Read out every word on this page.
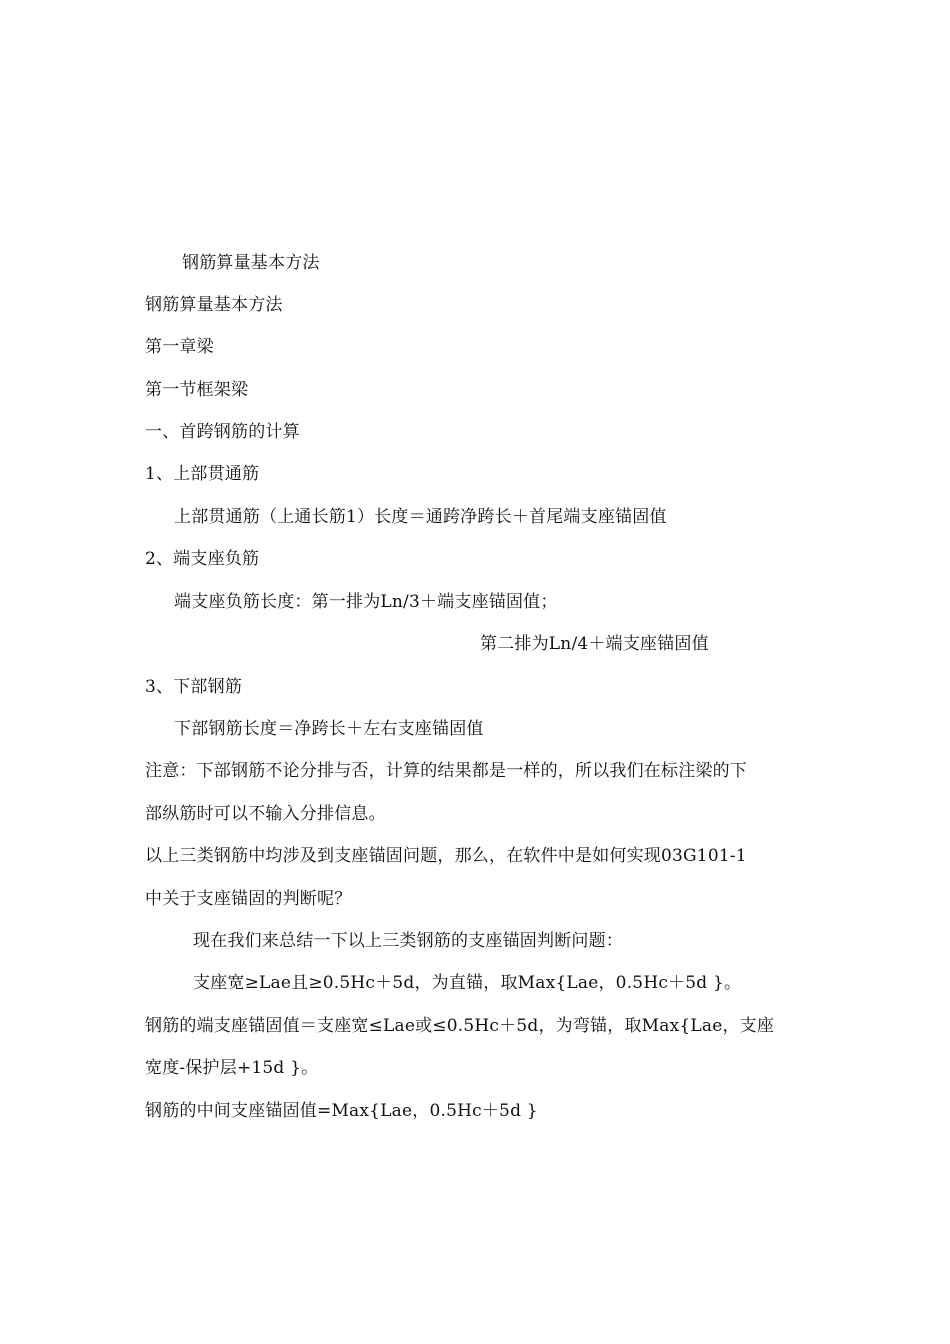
钢筋算量基本方法
钢筋算量基本方法
第一章梁
第一节框架梁
一、首跨钢筋的计算
1、上部贯通筋
上部贯通筋（上通长筋1）长度＝通跨净跨长＋首尾端支座锚固值
2、端支座负筋
端支座负筋长度：第一排为Ln/3＋端支座锚固值；
第二排为Ln/4＋端支座锚固值
3、下部钢筋
下部钢筋长度＝净跨长＋左右支座锚固值
注意：下部钢筋不论分排与否，计算的结果都是一样的，所以我们在标注梁的下
部纵筋时可以不输入分排信息。
以上三类钢筋中均涉及到支座锚固问题，那么，在软件中是如何实现03G101-1
中关于支座锚固的判断呢？
现在我们来总结一下以上三类钢筋的支座锚固判断问题：
支座宽≥Lae且≥0.5Hc＋5d，为直锚，取Max{Lae，0.5Hc＋5d }。
钢筋的端支座锚固值＝支座宽≤Lae或≤0.5Hc＋5d，为弯锚，取Max{Lae，支座
宽度-保护层+15d }。
钢筋的中间支座锚固值=Max{Lae，0.5Hc＋5d }
